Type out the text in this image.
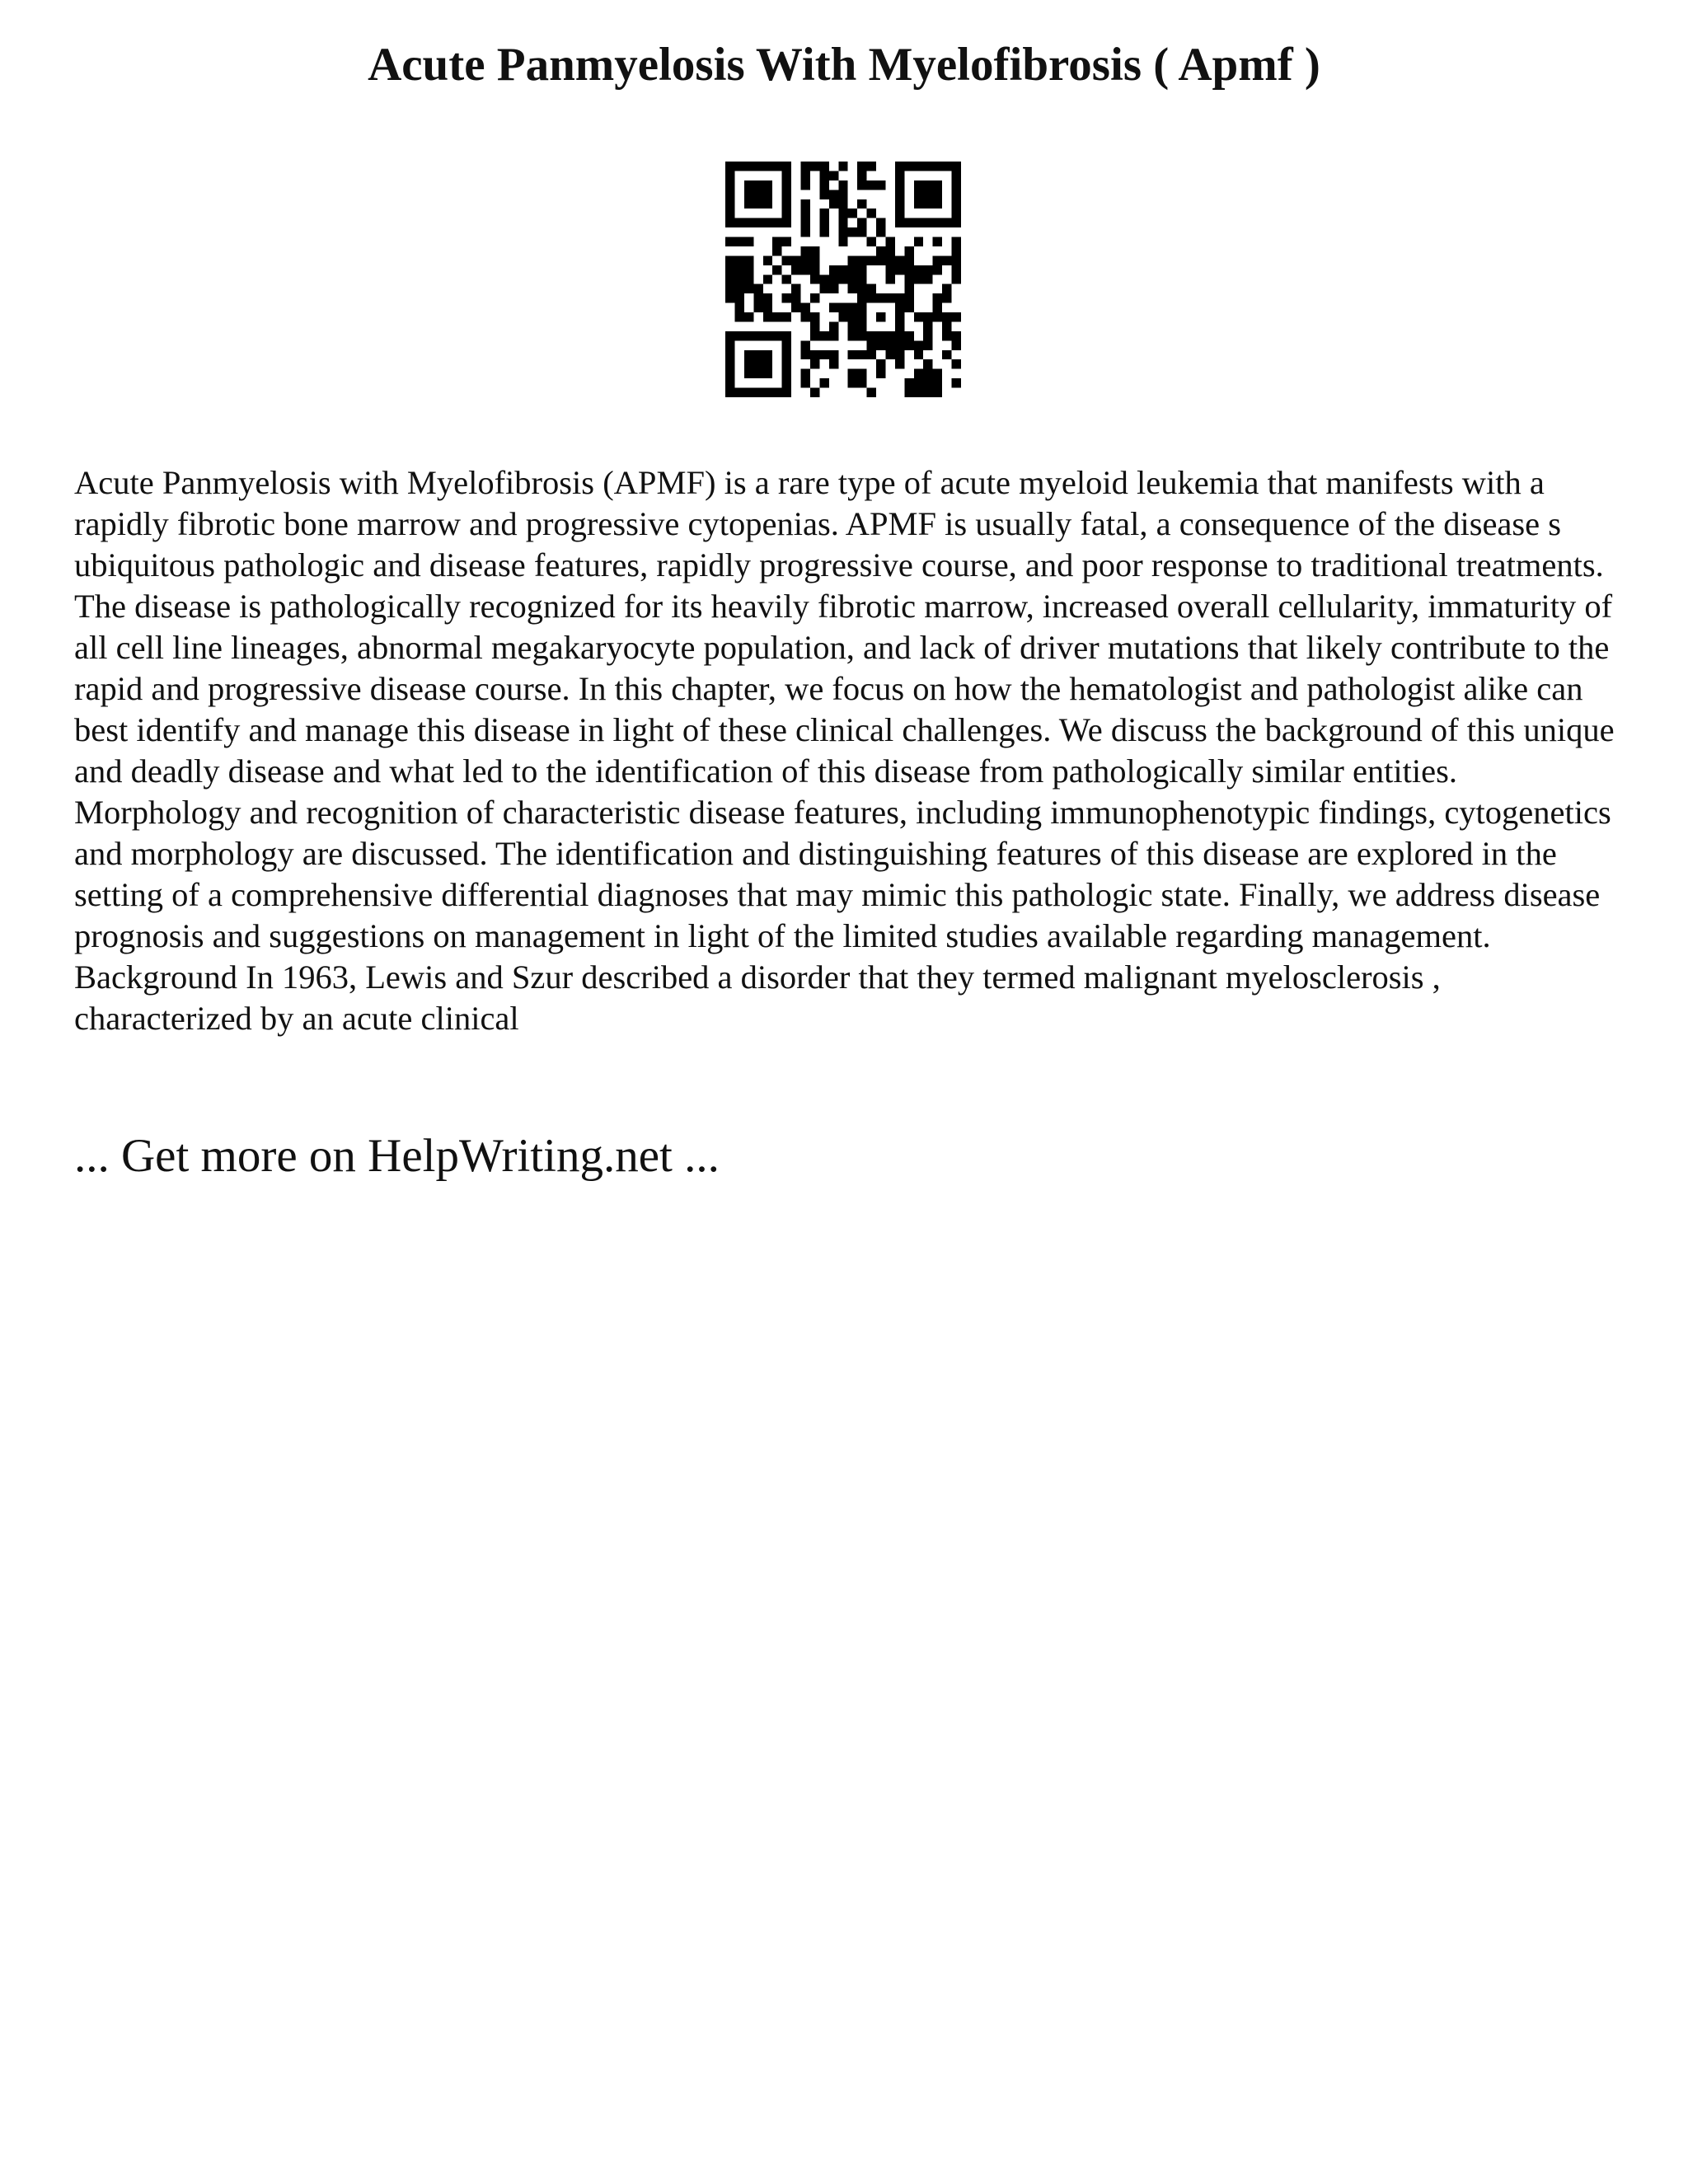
Acute Panmyelosis With Myelofibrosis ( Apmf )

Acute Panmyelosis with Myelofibrosis (APMF) is a rare type of acute myeloid leukemia that manifests with a rapidly fibrotic bone marrow and progressive cytopenias. APMF is usually fatal, a consequence of the disease s ubiquitous pathologic and disease features, rapidly progressive course, and poor response to traditional treatments. The disease is pathologically recognized for its heavily fibrotic marrow, increased overall cellularity, immaturity of all cell line lineages, abnormal megakaryocyte population, and lack of driver mutations that likely contribute to the rapid and progressive disease course. In this chapter, we focus on how the hematologist and pathologist alike can best identify and manage this disease in light of these clinical challenges. We discuss the background of this unique and deadly disease and what led to the identification of this disease from pathologically similar entities. Morphology and recognition of characteristic disease features, including immunophenotypic findings, cytogenetics and morphology are discussed. The identification and distinguishing features of this disease are explored in the setting of a comprehensive differential diagnoses that may mimic this pathologic state. Finally, we address disease prognosis and suggestions on management in light of the limited studies available regarding management. Background In 1963, Lewis and Szur described a disorder that they termed malignant myelosclerosis , characterized by an acute clinical

... Get more on HelpWriting.net ...
